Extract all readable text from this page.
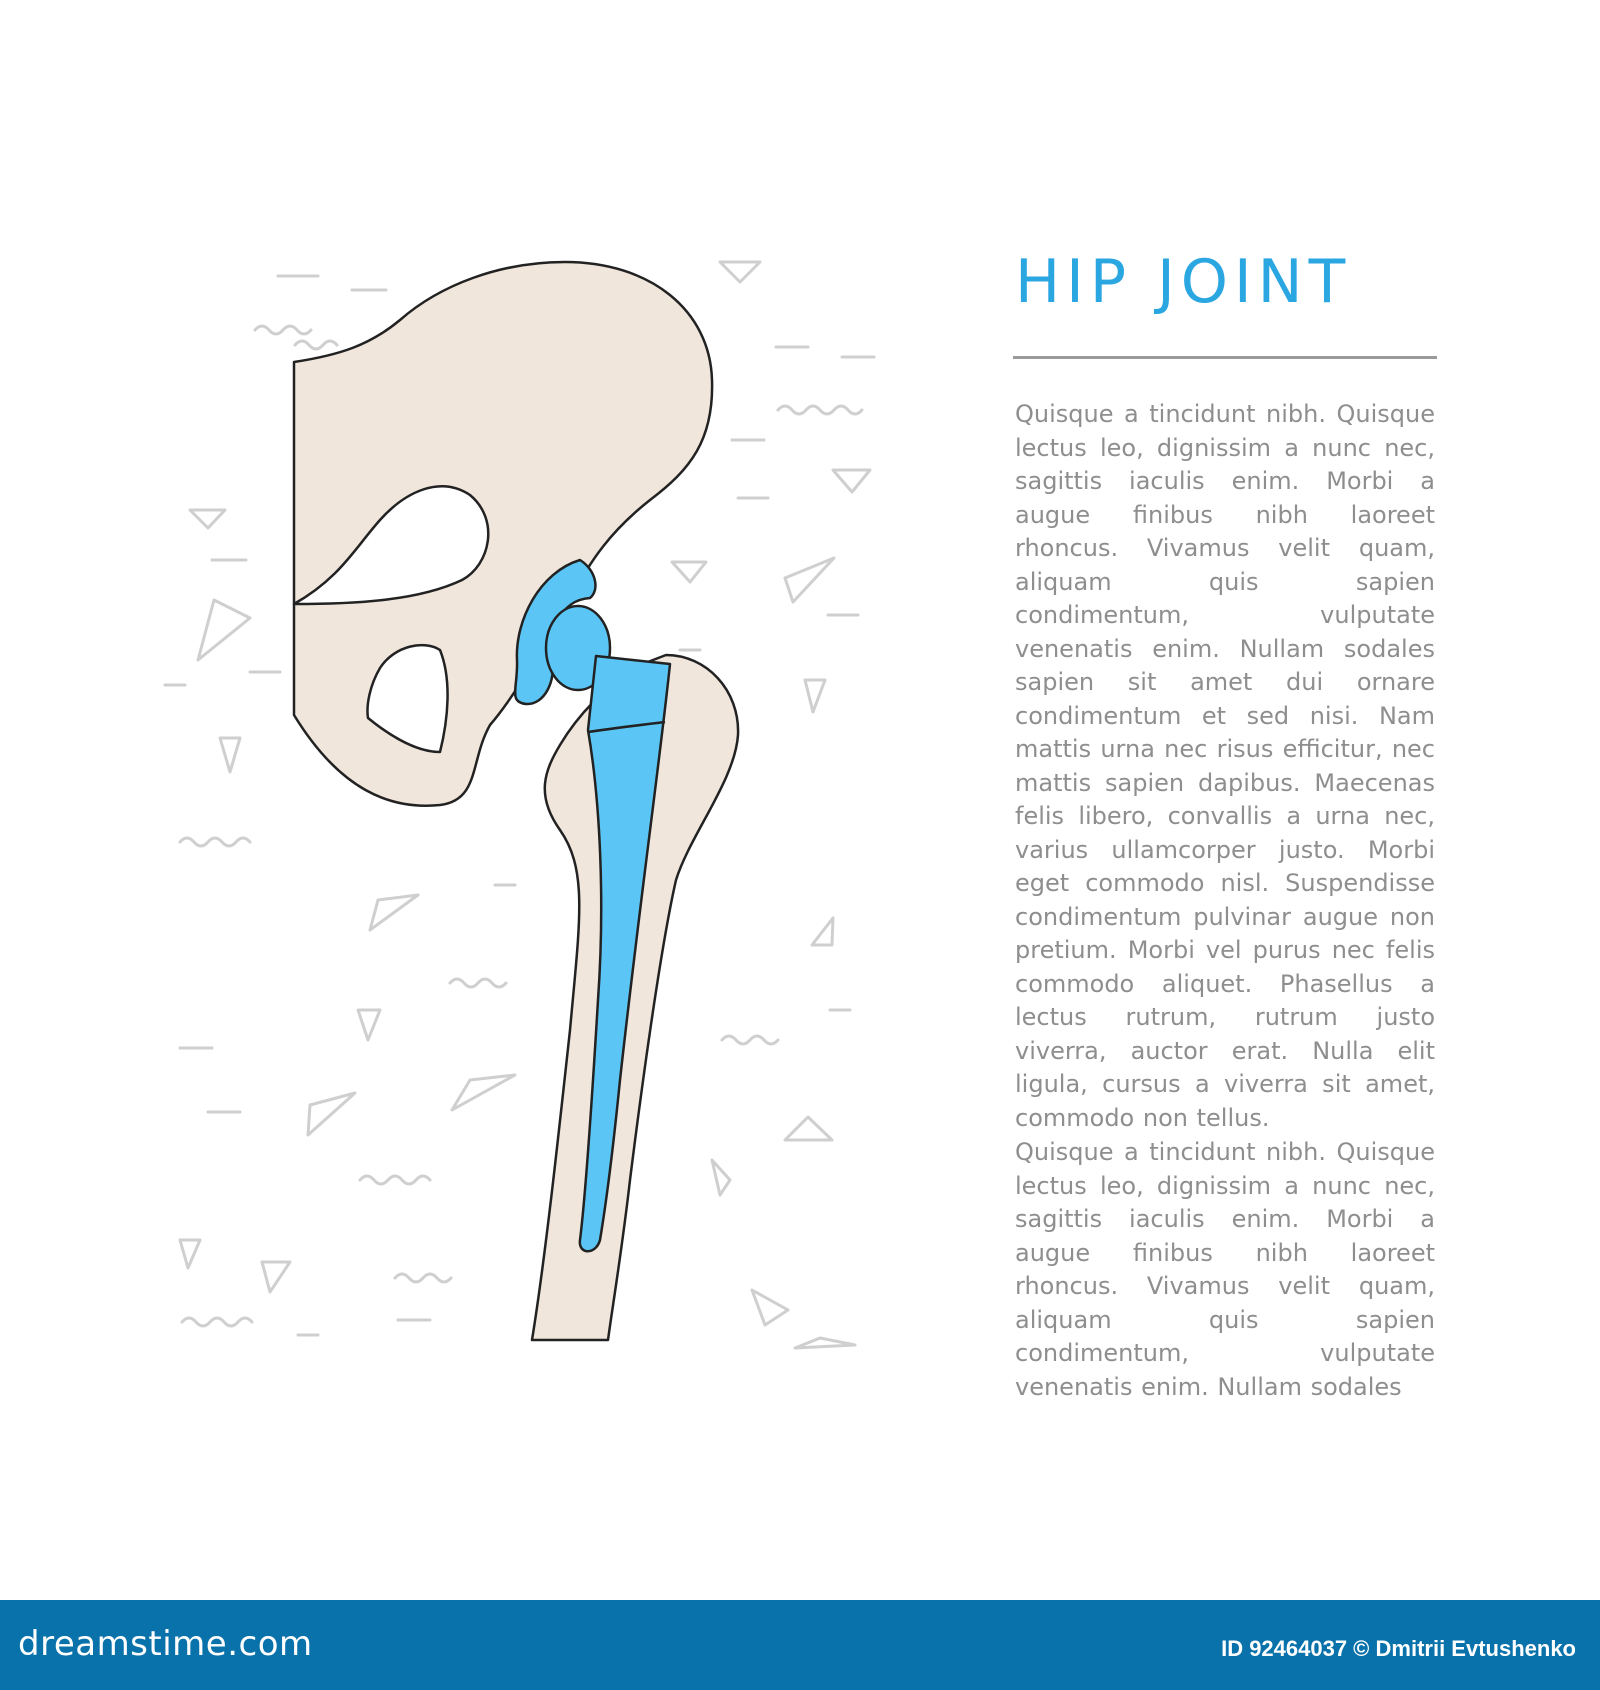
HIP JOINT

Quisque a tincidunt nibh. Quisque lectus leo, dignissim a nunc nec, sagittis iaculis enim. Morbi a augue finibus nibh laoreet rhoncus. Vivamus velit quam, aliquam quis sapien condimentum, vulputate venenatis enim. Nullam sodales sapien sit amet dui ornare condimentum et sed nisi. Nam mattis urna nec risus efficitur, nec mattis sapien dapibus. Maecenas felis libero, convallis a urna nec, varius ullamcorper justo. Morbi eget commodo nisl. Suspendisse condimentum pulvinar augue non pretium. Morbi vel purus nec felis commodo aliquet. Phasellus a lectus rutrum, rutrum justo viverra, auctor erat. Nulla elit ligula, cursus a viverra sit amet, commodo non tellus.

Quisque a tincidunt nibh. Quisque lectus leo, dignissim a nunc nec, sagittis iaculis enim. Morbi a augue finibus nibh laoreet rhoncus. Vivamus velit quam, aliquam quis sapien condimentum, vulputate venenatis enim. Nullam sodales

dreamstime.com	ID 92464037 © Dmitrii Evtushenko
